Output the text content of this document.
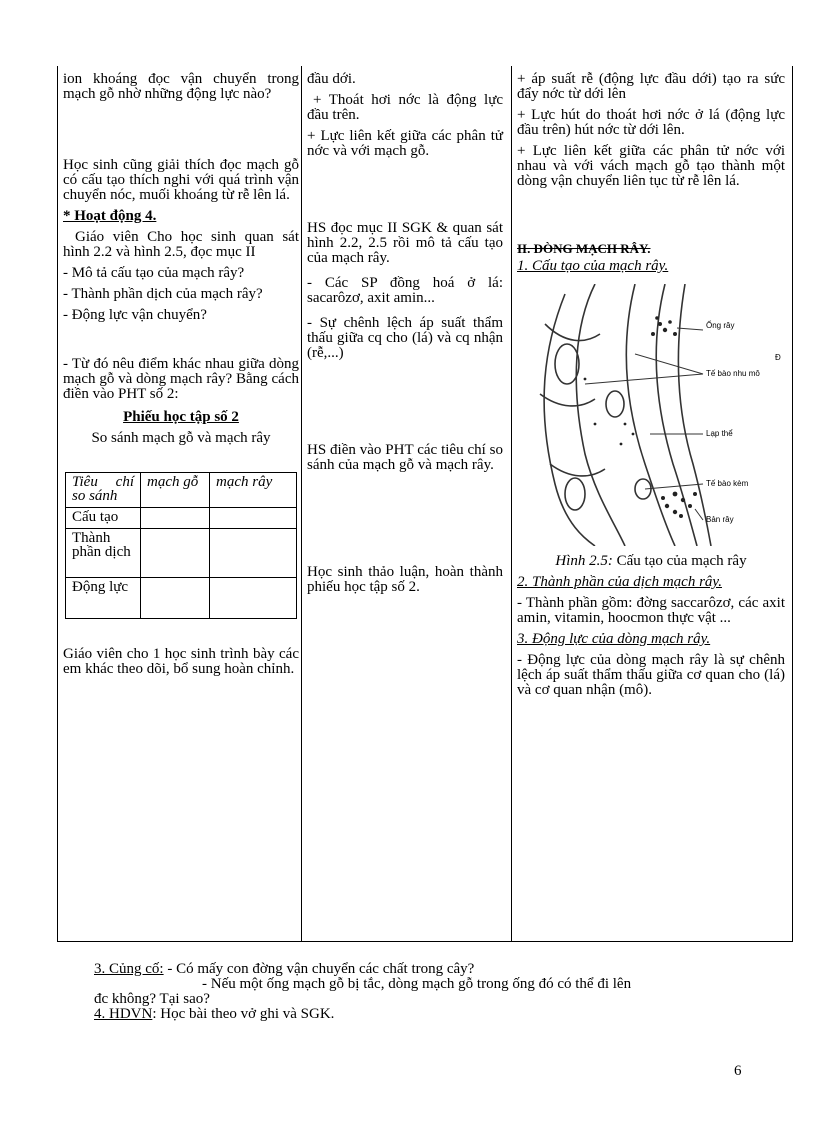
ion khoáng đọc vận chuyển trong mạch gỗ nhờ những động lực nào?

Học sinh cũng giải thích đọc mạch gỗ có cấu tạo thích nghi với quá trình vận chuyển nóc, muối khoáng từ rễ lên lá.

* Hoạt động 4.

Giáo viên Cho học sinh quan sát hình 2.2 và hình 2.5, đọc mục II

- Mô tả cấu tạo của mạch rây?

- Thành phần dịch của mạch rây?

- Động lực vận chuyển?

- Từ đó nêu điểm khác nhau giữa dòng mạch gỗ và dòng mạch rây? Bằng cách điền vào PHT số 2:

Phiếu học tập số 2

So sánh mạch gỗ và mạch rây

Tiêu chí so sánh	mạch gỗ	mạch rây
Cấu tạo		
Thành phần dịch		
Động lực		

Giáo viên cho 1 học sinh trình bày các em khác theo dõi, bổ sung hoàn chỉnh.

đầu dới.

+ Thoát hơi nớc là động lực đầu trên.

+ Lực liên kết giữa các phân tử nớc và với mạch gỗ.

HS đọc mục II SGK & quan sát hình 2.2, 2.5 rồi mô tả cấu tạo của mạch rây.

- Các SP đồng hoá ở lá: sacarôzơ, axit amin...

- Sự chênh lệch áp suất thẩm thấu giữa cq cho (lá) và cq nhận (rễ,...)

HS điền vào PHT các tiêu chí so sánh của mạch gỗ và mạch rây.

Học sinh thảo luận, hoàn thành phiếu học tập số 2.

+ áp suất rễ (động lực đầu dới) tạo ra sức đẩy nớc từ dới lên

+ Lực hút do thoát hơi nớc ở lá (động lực đầu trên) hút nớc từ dới lên.

+ Lực liên kết giữa các phân tử nớc với nhau và với vách mạch gỗ tạo thành một dòng vận chuyển liên tục từ rễ lên lá.

II. DÒNG MẠCH RÂY.

1. Cấu tạo của mạch rây.

Ống rây
Tế bào nhu mô
Đ
Lạp thể
Tế bào kèm
Bản rây

Hình 2.5: Cấu tạo của mạch rây

2. Thành phần của dịch mạch rây.

- Thành phần gồm: đờng saccarôzơ, các axit amin, vitamin, hoocmon thực vật ...

3. Động lực của dòng mạch rây.

- Động lực của dòng mạch rây là sự chênh lệch áp suất thẩm thấu giữa cơ quan cho (lá) và cơ quan nhận (mô).

3. Củng cố: - Có mấy con đờng vận chuyển các chất trong cây?

- Nếu một ống mạch gỗ bị tắc, dòng mạch gỗ trong ống đó có thể đi lên

đc không? Tại sao?

4. HDVN: Học bài theo vở ghi và SGK.

6
